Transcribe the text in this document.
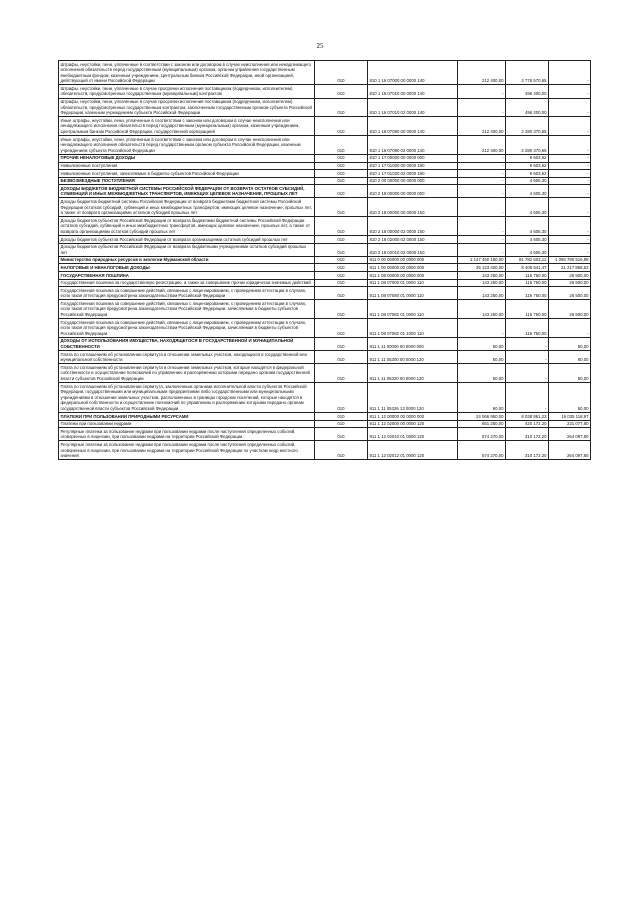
25
Штрафы, неустойки, пени, уплаченные в соответствии с законом или договором в случае неисполнения или ненадлежащего исполнения обязательств перед государственным (муниципальным) органом, органом управления государственным внебюджетным фондом, казенным учреждением, Центральным банком Российской Федерации, иной организацией, действующей от имени Российской Федерации	010	810 1 16 07000 00 0000 140	212 400,00	2 776 570,65	-
Штрафы, неустойки, пени, уплаченные в случае просрочки исполнения поставщиком (подрядчиком, исполнителем) обязательств, предусмотренных государственным (муниципальным) контрактом	010	810 1 16 07010 00 0000 140	-	496 200,00	-
Штрафы, неустойки, пени, уплаченные в случае просрочки исполнения поставщиком (подрядчиком, исполнителем) обязательств, предусмотренных государственным контрактом, заключенным государственным органом субъекта Российской Федерации, казенным учреждением субъекта Российской Федерации	010	810 1 16 07010 02 0000 140	-	496 200,00	-
Иные штрафы, неустойки, пени, уплаченные в соответствии с законом или договором в случае неисполнения или ненадлежащего исполнения обязательств перед государственным (муниципальным) органом, казенным учреждением, Центральным банком Российской Федерации, государственной корпорацией	010	810 1 16 07090 00 0000 140	212 400,00	2 280 370,65	-
Иные штрафы, неустойки, пени, уплаченные в соответствии с законом или договором в случае неисполнения или ненадлежащего исполнения обязательств перед государственным органом субъекта Российской Федерации, казенным учреждением субъекта Российской Федерации	010	810 1 16 07090 02 0000 140	212 400,00	2 280 370,65	-
ПРОЧИЕ НЕНАЛОГОВЫЕ ДОХОДЫ	010	810 1 17 00000 00 0000 000	-	5 603,62	-
Невыясненные поступления	010	810 1 17 01000 00 0000 180	-	5 603,62	-
Невыясненные поступления, зачисляемые в бюджеты субъектов Российской Федерации	010	810 1 17 01020 02 0000 180	-	5 603,62	-
БЕЗВОЗМЕЗДНЫЕ ПОСТУПЛЕНИЯ	010	810 2 00 00000 00 0000 000	-	4 605,30	-
ДОХОДЫ БЮДЖЕТОВ БЮДЖЕТНОЙ СИСТЕМЫ РОССИЙСКОЙ ФЕДЕРАЦИИ ОТ ВОЗВРАТА ОСТАТКОВ СУБСИДИЙ, СУБВЕНЦИЙ И ИНЫХ МЕЖБЮДЖЕТНЫХ ТРАНСФЕРТОВ, ИМЕЮЩИХ ЦЕЛЕВОЕ НАЗНАЧЕНИЕ, ПРОШЛЫХ ЛЕТ	010	810 2 18 00000 00 0000 000	-	4 605,30	-
Доходы бюджетов бюджетной системы Российской Федерации от возврата бюджетами бюджетной системы Российской Федерации остатков субсидий, субвенций и иных межбюджетных трансфертов, имеющих целевое назначение, прошлых лет, а также от возврата организациями остатков субсидий прошлых лет	010	810 2 18 00000 00 0000 150	-	4 605,30	-
Доходы бюджетов субъектов Российской Федерации от возврата бюджетами бюджетной системы Российской Федерации остатков субсидий, субвенций и иных межбюджетных трансфертов, имеющих целевое назначение, прошлых лет, а также от возврата организациями остатков субсидий прошлых лет	010	810 2 18 00000 02 0000 150	-	4 605,30	-
Доходы бюджетов субъектов Российской Федерации от возврата организациями остатков субсидий прошлых лет	010	810 2 18 02000 02 0000 150	-	4 605,30	-
Доходы бюджетов субъектов Российской Федерации от возврата бюджетными учреждениями остатков субсидий прошлых лет	010	810 2 18 02010 02 0000 150	-	4 605,30	-
Министерство природных ресурсов и экологии Мурманской области	010	811 0 00 00000 00 0000 000	1 147 460 150,00	81 782 503,12	1 065 790 516,88
НАЛОГОВЫЕ И НЕНАЛОГОВЫЕ ДОХОДЫ	010	811 1 00 00000 00 0000 000	25 123 400,00	8 405 541,47	21 217 858,53
ГОСУДАРСТВЕННАЯ ПОШЛИНА	010	811 1 08 00000 00 0000 000	143 250,00	116 750,00	26 500,00
Государственная пошлина за государственную регистрацию, а также за совершение прочих юридически значимых действий	010	811 1 08 07000 01 0000 110	143 250,00	116 750,00	26 500,00
Государственная пошлина за совершение действий, связанных с лицензированием, с проведением аттестации в случаях, если такая аттестация предусмотрена законодательством Российской Федерации	010	811 1 08 07080 01 0000 110	143 250,00	116 750,00	26 500,00
Государственная пошлина за совершение действий, связанных с лицензированием, с проведением аттестации в случаях, если такая аттестация предусмотрена законодательством Российской Федерации, зачисляемая в бюджеты субъектов Российской Федерации	010	811 1 08 07082 01 0000 110	143 250,00	116 750,00	26 500,00
Государственная пошлина за совершение действий, связанных с лицензированием, с проведением аттестации в случаях, если такая аттестация предусмотрена законодательством Российской Федерации, зачисляемая в бюджеты субъектов Российской Федерации	010	811 1 08 07082 01 1000 110	-	116 750,00	-
ДОХОДЫ ОТ ИСПОЛЬЗОВАНИЯ ИМУЩЕСТВА, НАХОДЯЩЕГОСЯ В ГОСУДАРСТВЕННОЙ И МУНИЦИПАЛЬНОЙ СОБСТВЕННОСТИ	010	811 1 11 00000 00 0000 000	60,00	-	60,00
Плата по соглашениям об установлении сервитута в отношении земельных участков, находящихся в государственной или муниципальной собственности	010	811 1 11 05300 00 0000 120	60,00	-	60,00
Плата по соглашениям об установлении сервитута в отношении земельных участков, которые находятся в федеральной собственности и осуществление полномочий по управлению и распоряжению которыми передано органам государственной власти субъектов Российской Федерации	010	811 1 11 05320 00 0000 120	60,00	-	60,00
Плата по соглашениям об установлении сервитута, заключенным органами исполнительной власти субъектов Российской Федерации, государственными или муниципальными предприятиями либо государственными или муниципальными учреждениями в отношении земельных участков, расположенных в границах городских поселений, которые находятся в федеральной собственности и осуществление полномочий по управлению и распоряжению которыми передано органам государственной власти субъектов Российской Федерации	010	811 1 11 05326 13 0000 120	60,00	-	60,00
ПЛАТЕЖИ ПРИ ПОЛЬЗОВАНИИ ПРИРОДНЫМИ РЕСУРСАМИ	010	811 1 12 00000 00 0000 000	24 066 950,00	8 038 861,23	16 035 118,97
Платежи при пользовании недрами	010	811 1 12 02000 00 0000 120	651 250,00	420 172,20	231 077,80
Регулярные платежи за пользование недрами при пользовании недрами после наступления определенных событий, оговоренных в лицензии, при пользовании недрами на территории Российской Федерации	010	811 1 12 02010 01 0000 120	574 270,00	310 172,20	264 097,80
Регулярные платежи за пользование недрами при пользовании недрами после наступления определенных событий, оговоренных в лицензии, при пользовании недрами на территории Российской Федерации по участкам недр местного значения	010	811 1 12 02012 01 0000 120	574 270,00	310 172,20	264 097,80
